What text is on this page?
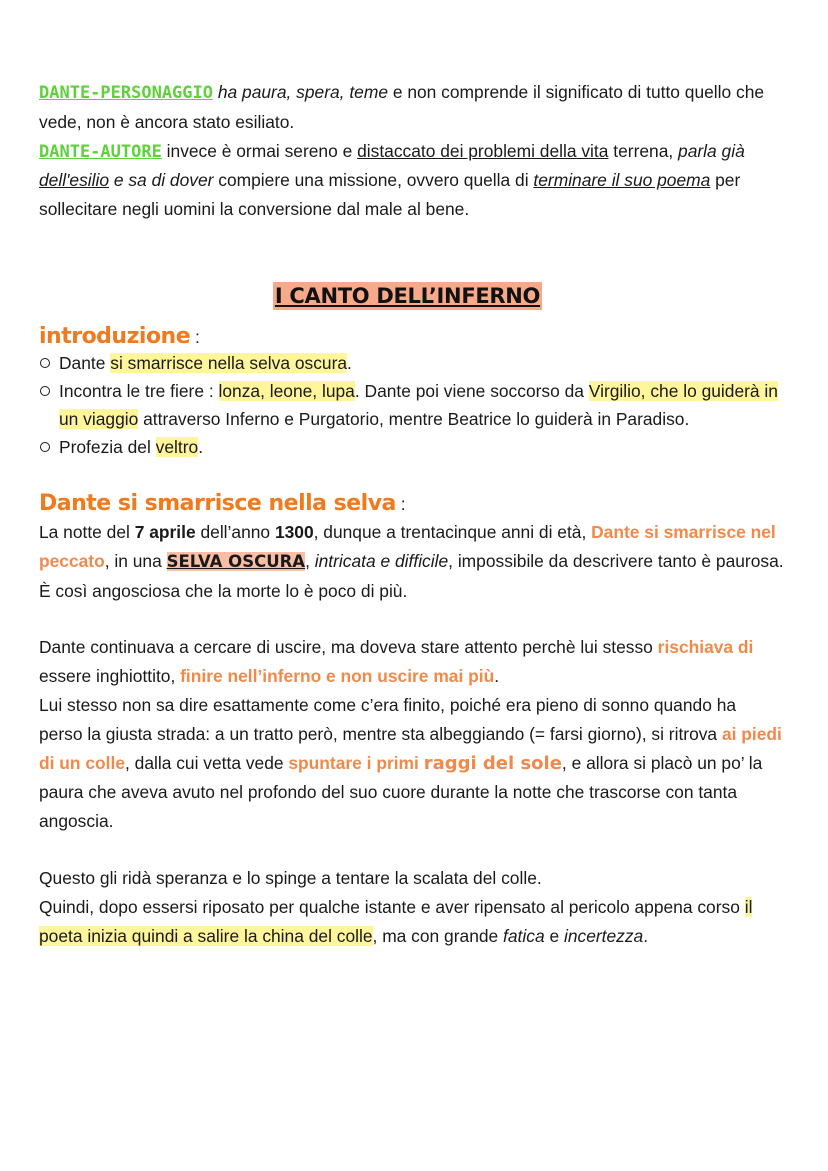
DANTE-PERSONAGGIO ha paura, spera, teme e non comprende il significato di tutto quello che vede, non è ancora stato esiliato.

DANTE-AUTORE invece è ormai sereno e distaccato dei problemi della vita terrena, parla già dell'esilio e sa di dover compiere una missione, ovvero quella di terminare il suo poema per sollecitare negli uomini la conversione dal male al bene.

I CANTO DELL’INFERNO
introduzione :
Dante si smarrisce nella selva oscura.
Incontra le tre fiere : lonza, leone, lupa. Dante poi viene soccorso da Virgilio, che lo guiderà in un viaggio attraverso Inferno e Purgatorio, mentre Beatrice lo guiderà in Paradiso.
Profezia del veltro.
Dante si smarrisce nella selva :

La notte del 7 aprile dell’anno 1300, dunque a trentacinque anni di età, Dante si smarrisce nel peccato, in una SELVA OSCURA, intricata e difficile, impossibile da descrivere tanto è paurosa.
È così angosciosa che la morte lo è poco di più.

Dante continuava a cercare di uscire, ma doveva stare attento perchè lui stesso rischiava di essere inghiottito, finire nell’inferno e non uscire mai più.
Lui stesso non sa dire esattamente come c’era finito, poiché era pieno di sonno quando ha perso la giusta strada: a un tratto però, mentre sta albeggiando (= farsi giorno), si ritrova ai piedi di un colle, dalla cui vetta vede spuntare i primi raggi del sole, e allora si placò un po’ la paura che aveva avuto nel profondo del suo cuore durante la notte che trascorse con tanta angoscia.

Questo gli ridà speranza e lo spinge a tentare la scalata del colle.
Quindi, dopo essersi riposato per qualche istante e aver ripensato al pericolo appena corso il poeta inizia quindi a salire la china del colle, ma con grande fatica e incertezza.
